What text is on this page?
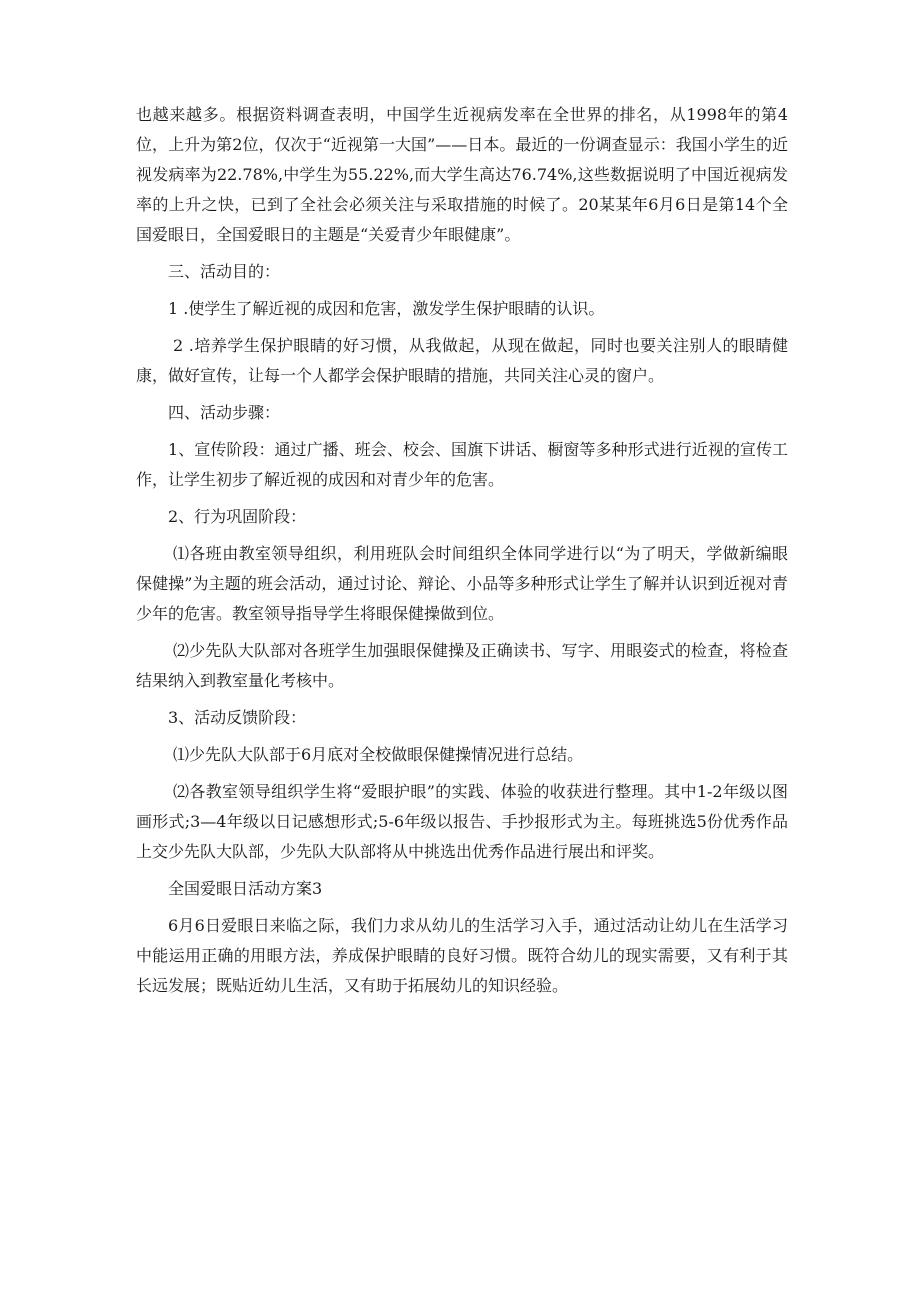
也越来越多。根据资料调查表明，中国学生近视病发率在全世界的排名，从1998年的第4位，上升为第2位，仅次于“近视第一大国”——日本。最近的一份调查显示：我国小学生的近视发病率为22.78%,中学生为55.22%,而大学生高达76.74%,这些数据说明了中国近视病发率的上升之快，已到了全社会必须关注与采取措施的时候了。20某某年6月6日是第14个全国爱眼日，全国爱眼日的主题是“关爱青少年眼健康”。

三、活动目的：

1 .使学生了解近视的成因和危害，激发学生保护眼睛的认识。

2 .培养学生保护眼睛的好习惯，从我做起，从现在做起，同时也要关注别人的眼睛健康，做好宣传，让每一个人都学会保护眼睛的措施，共同关注心灵的窗户。

四、活动步骤：

1、宣传阶段：通过广播、班会、校会、国旗下讲话、橱窗等多种形式进行近视的宣传工作，让学生初步了解近视的成因和对青少年的危害。

2、行为巩固阶段：

⑴各班由教室领导组织，利用班队会时间组织全体同学进行以“为了明天，学做新编眼保健操”为主题的班会活动，通过讨论、辩论、小品等多种形式让学生了解并认识到近视对青少年的危害。教室领导指导学生将眼保健操做到位。

⑵少先队大队部对各班学生加强眼保健操及正确读书、写字、用眼姿式的检查，将检查结果纳入到教室量化考核中。

3、活动反馈阶段：

⑴少先队大队部于6月底对全校做眼保健操情况进行总结。

⑵各教室领导组织学生将“爱眼护眼”的实践、体验的收获进行整理。其中1-2年级以图画形式;3—4年级以日记感想形式;5-6年级以报告、手抄报形式为主。每班挑选5份优秀作品上交少先队大队部，少先队大队部将从中挑选出优秀作品进行展出和评奖。

全国爱眼日活动方案3

6月6日爱眼日来临之际，我们力求从幼儿的生活学习入手，通过活动让幼儿在生活学习中能运用正确的用眼方法，养成保护眼睛的良好习惯。既符合幼儿的现实需要，又有利于其长远发展；既贴近幼儿生活，又有助于拓展幼儿的知识经验。
